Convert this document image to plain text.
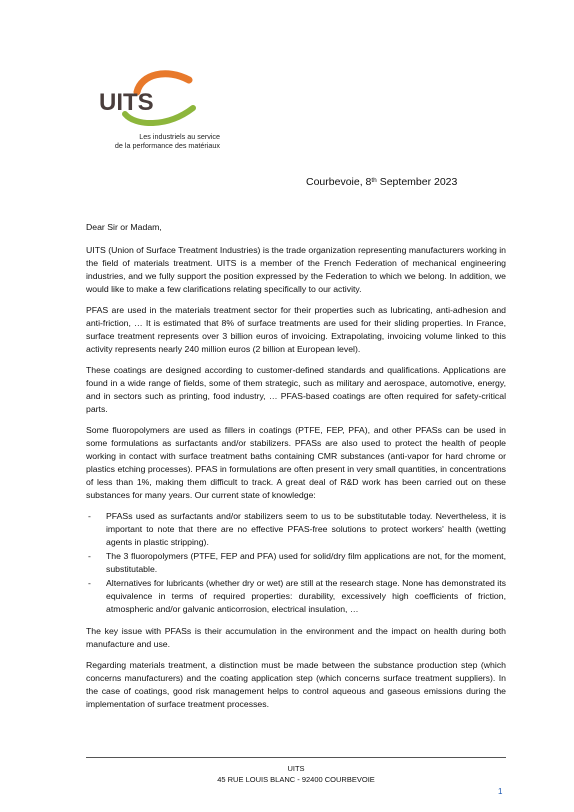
UITS
Les industriels au service
de la performance des matériaux
Courbevoie, 8th September 2023

Dear Sir or Madam,

UITS (Union of Surface Treatment Industries) is the trade organization representing manufacturers working in the field of materials treatment. UITS is a member of the French Federation of mechanical engineering industries, and we fully support the position expressed by the Federation to which we belong. In addition, we would like to make a few clarifications relating specifically to our activity.

PFAS are used in the materials treatment sector for their properties such as lubricating, anti-adhesion and anti-friction, … It is estimated that 8% of surface treatments are used for their sliding properties. In France, surface treatment represents over 3 billion euros of invoicing. Extrapolating, invoicing volume linked to this activity represents nearly 240 million euros (2 billion at European level).

These coatings are designed according to customer-defined standards and qualifications. Applications are found in a wide range of fields, some of them strategic, such as military and aerospace, automotive, energy, and in sectors such as printing, food industry, … PFAS-based coatings are often required for safety-critical parts.

Some fluoropolymers are used as fillers in coatings (PTFE, FEP, PFA), and other PFASs can be used in some formulations as surfactants and/or stabilizers. PFASs are also used to protect the health of people working in contact with surface treatment baths containing CMR substances (anti-vapor for hard chrome or plastics etching processes). PFAS in formulations are often present in very small quantities, in concentrations of less than 1%, making them difficult to track. A great deal of R&D work has been carried out on these substances for many years. Our current state of knowledge:

- PFASs used as surfactants and/or stabilizers seem to us to be substitutable today. Nevertheless, it is important to note that there are no effective PFAS-free solutions to protect workers' health (wetting agents in plastic stripping).
- The 3 fluoropolymers (PTFE, FEP and PFA) used for solid/dry film applications are not, for the moment, substitutable.
- Alternatives for lubricants (whether dry or wet) are still at the research stage. None has demonstrated its equivalence in terms of required properties: durability, excessively high coefficients of friction, atmospheric and/or galvanic anticorrosion, electrical insulation, …

The key issue with PFASs is their accumulation in the environment and the impact on health during both manufacture and use.

Regarding materials treatment, a distinction must be made between the substance production step (which concerns manufacturers) and the coating application step (which concerns surface treatment suppliers). In the case of coatings, good risk management helps to control aqueous and gaseous emissions during the implementation of surface treatment processes.

UITS
45 RUE LOUIS BLANC - 92400 COURBEVOIE
1
